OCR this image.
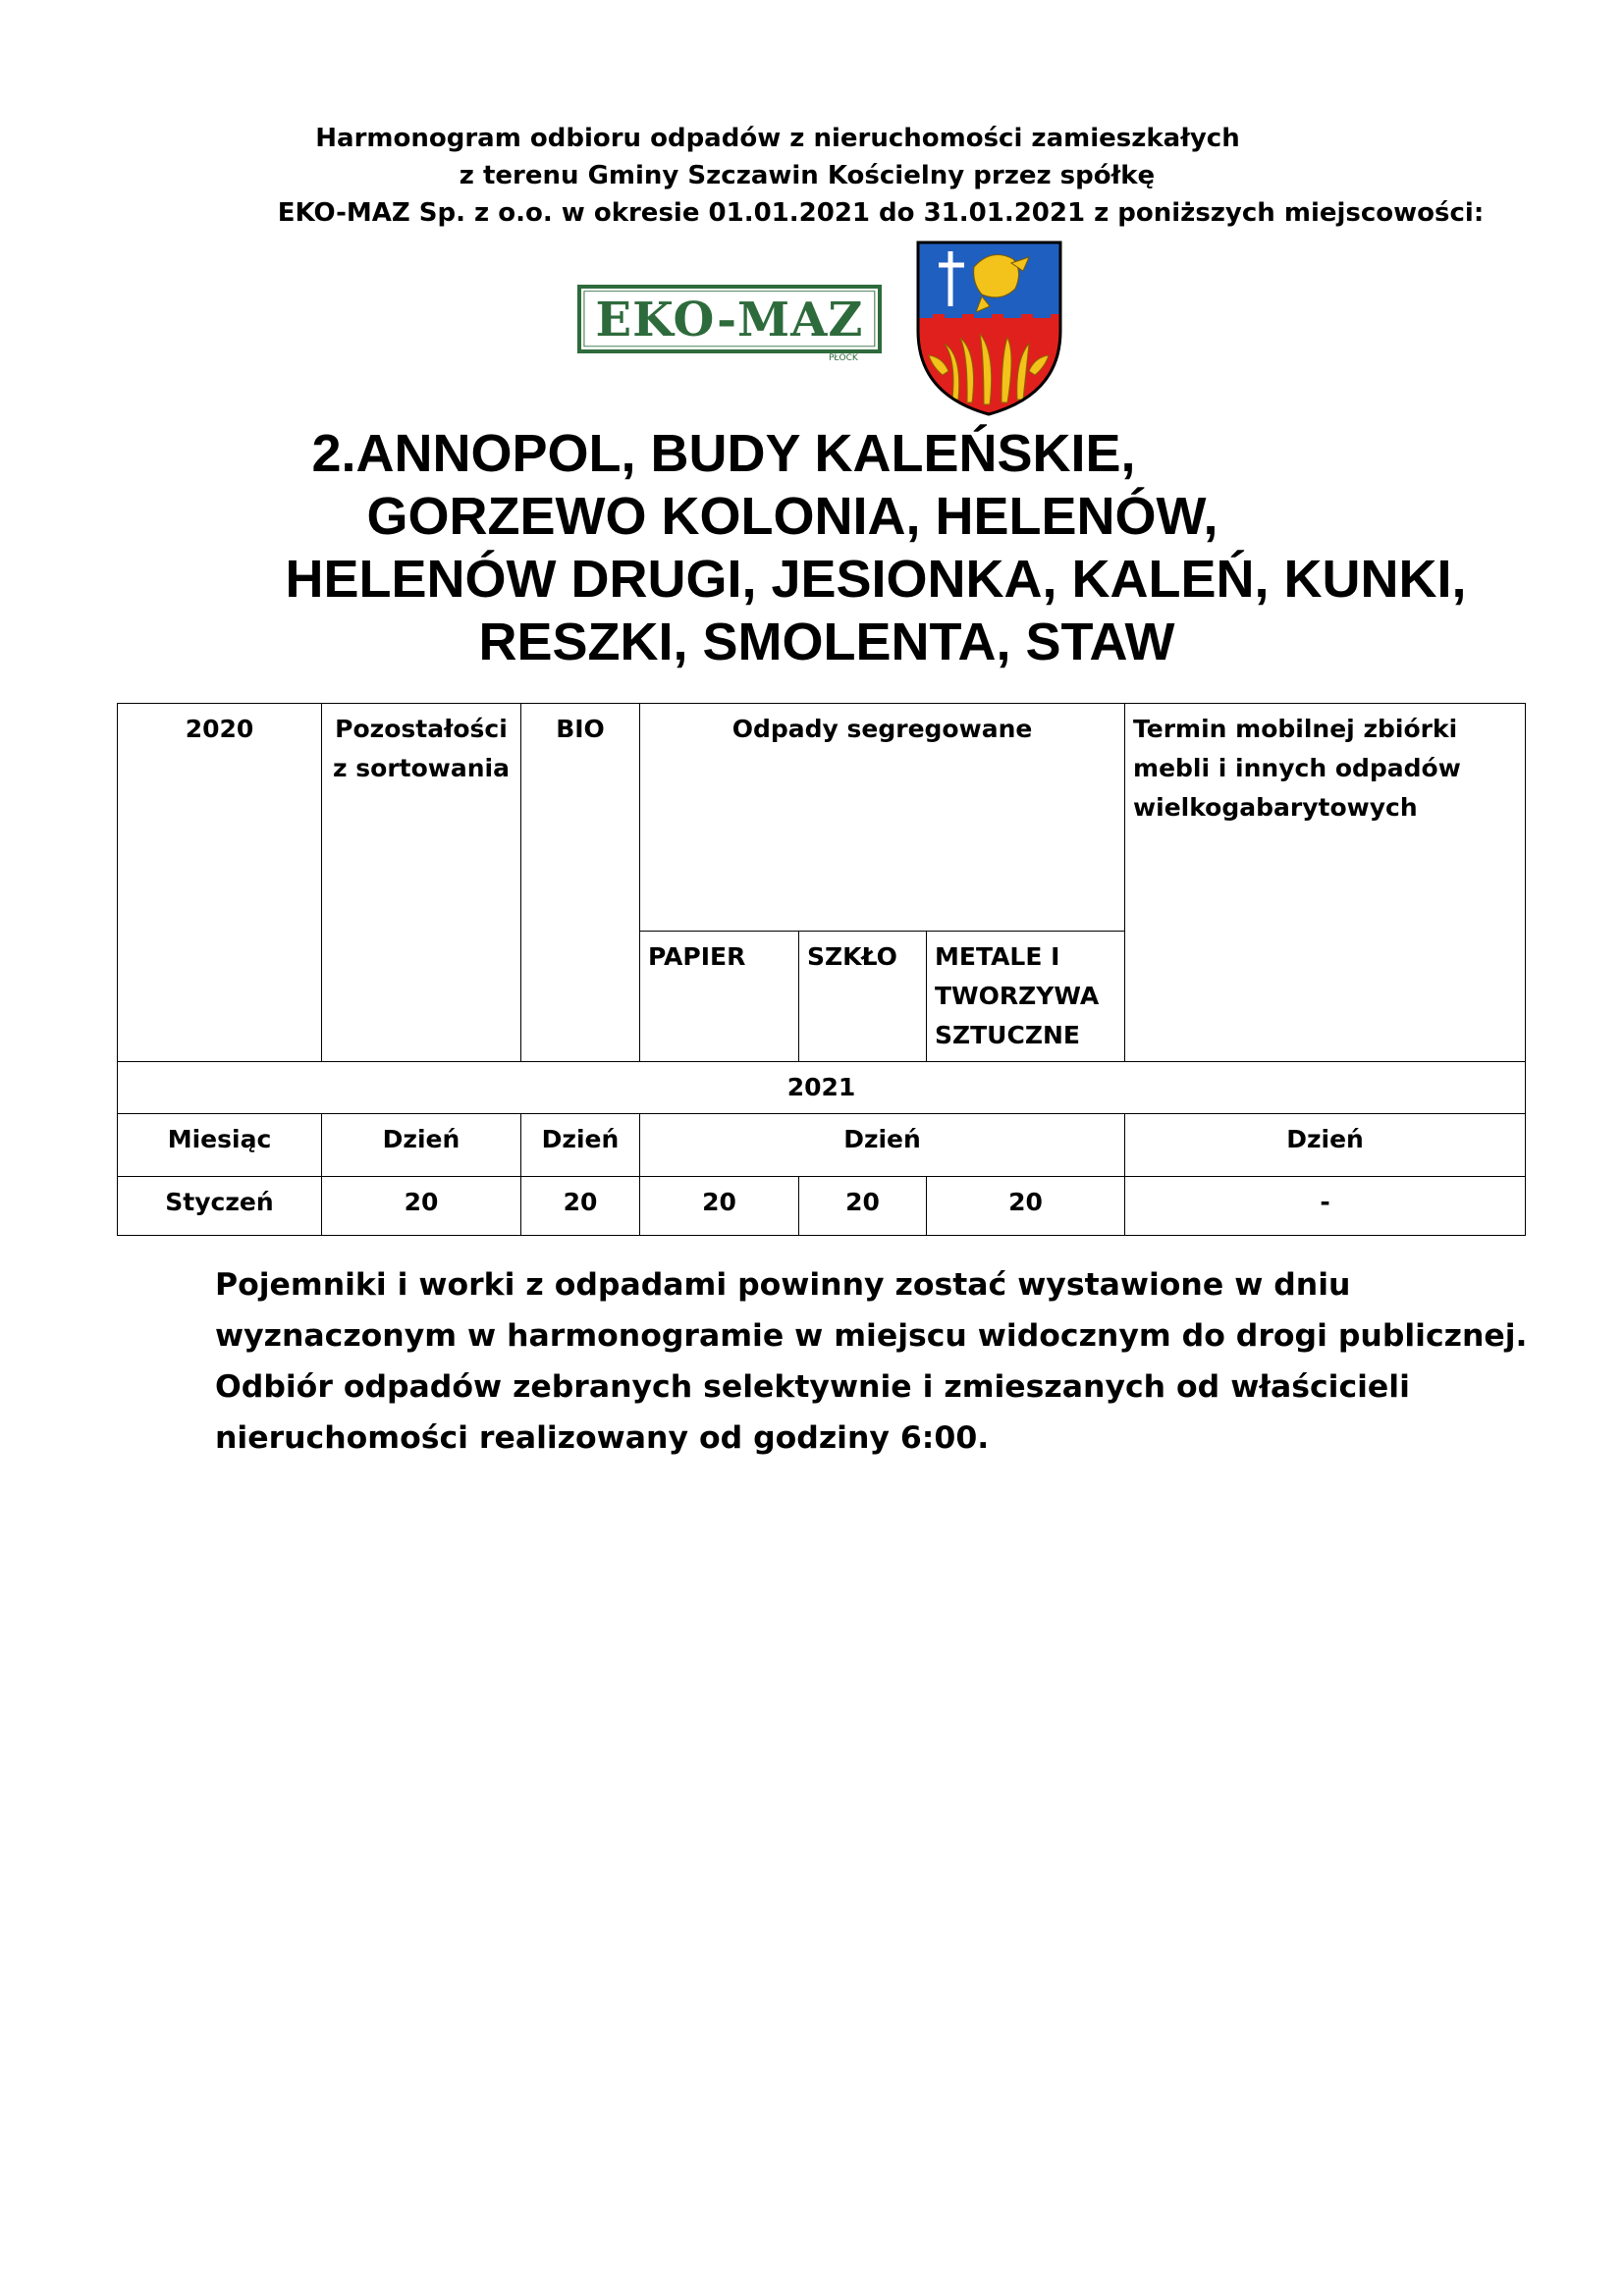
Harmonogram odbioru odpadów z nieruchomości zamieszkałych
z terenu Gminy Szczawin Kościelny przez spółkę
EKO-MAZ Sp. z o.o. w okresie 01.01.2021 do 31.01.2021 z poniższych miejscowości:
EKO-MAZ
PŁOCK
2.ANNOPOL, BUDY KALEŃSKIE,
GORZEWO KOLONIA, HELENÓW,
HELENÓW DRUGI, JESIONKA, KALEŃ, KUNKI,
RESZKI, SMOLENTA, STAW
2020	Pozostałości z sortowania	BIO	Odpady segregowane			Termin mobilnej zbiórki mebli i innych odpadów wielkogabarytowych
			PAPIER	SZKŁO	METALE I TWORZYWA SZTUCZNE	
2021						
Miesiąc	Dzień	Dzień	Dzień			Dzień
Styczeń	20	20	20	20	20	-
Pojemniki i worki z odpadami powinny zostać wystawione w dniu wyznaczonym w harmonogramie w miejscu widocznym do drogi publicznej. Odbiór odpadów zebranych selektywnie i zmieszanych od właścicieli nieruchomości realizowany od godziny 6:00.
